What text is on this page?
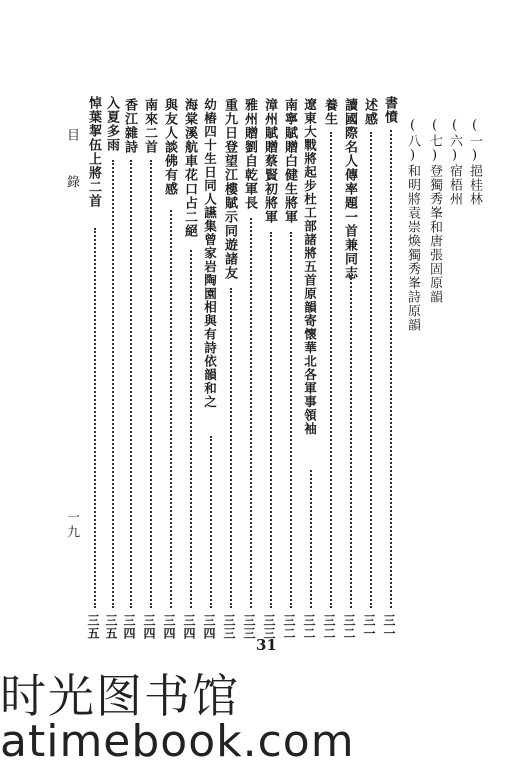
(一)挹桂林
(六)宿梧州
(七)登獨秀峯和唐張固原韻
(八)和明將袁崇煥獨秀峯詩原韻
書憤
三一
述感
三一
讀國際名人傳率題一首兼同志
三二
養生
三二
遼東大戰將起步杜工部諸將五首原韻寄懷華北各軍事領袖
三二
南寧賦贈白健生將軍
三二
漳州賦贈蔡賢初將軍
三三
雅州贈劉自乾軍長
三三
重九日登望江樓賦示同遊諸友
三三
幼樁四十生日同人讌集曾家岩陶園相與有詩依韻和之
三四
海棠溪航車花口占二絕
三四
與友人談佛有感
三四
南來二首
三四
香江雜詩
三四
入夏多雨
三五
悼葉挈伍上將二首
三五
目錄
一九
31
时光图书馆
atimebook.com
